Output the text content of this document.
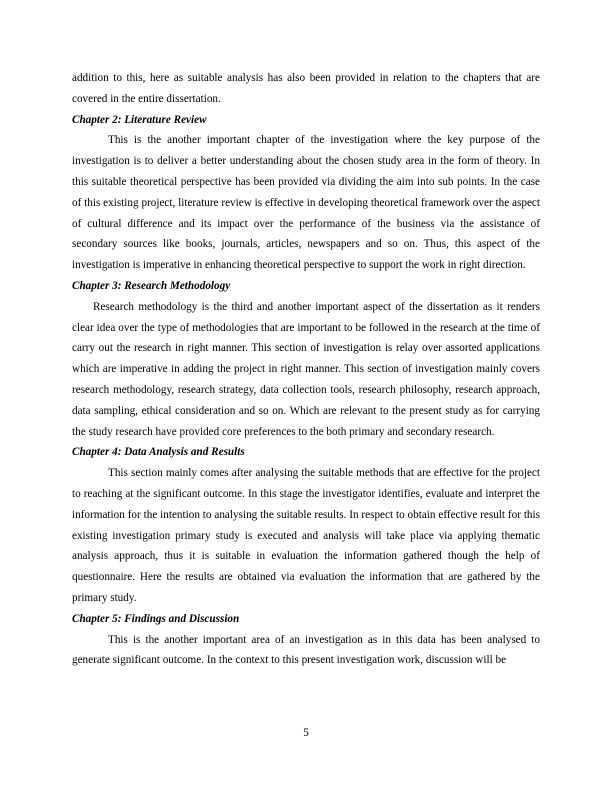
addition to this, here as suitable analysis has also been provided in relation to the chapters that are covered in the entire dissertation.

Chapter 2: Literature Review

This is the another important chapter of the investigation where the key purpose of the investigation is to deliver a better understanding about the chosen study area in the form of theory. In this suitable theoretical perspective has been provided via dividing the aim into sub points. In the case of this existing project, literature review is effective in developing theoretical framework over the aspect of cultural difference and its impact over the performance of the business via the assistance of secondary sources like books, journals, articles, newspapers and so on. Thus, this aspect of the investigation is imperative in enhancing theoretical perspective to support the work in right direction.

Chapter 3: Research Methodology

Research methodology is the third and another important aspect of the dissertation as it renders clear idea over the type of methodologies that are important to be followed in the research at the time of carry out the research in right manner. This section of investigation is relay over assorted applications which are imperative in adding the project in right manner. This section of investigation mainly covers research methodology, research strategy, data collection tools, research philosophy, research approach, data sampling, ethical consideration and so on. Which are relevant to the present study as for carrying the study research have provided core preferences to the both primary and secondary research.

Chapter 4: Data Analysis and Results

This section mainly comes after analysing the suitable methods that are effective for the project to reaching at the significant outcome. In this stage the investigator identifies, evaluate and interpret the information for the intention to analysing the suitable results. In respect to obtain effective result for this existing investigation primary study is executed and analysis will take place via applying thematic analysis approach, thus it is suitable in evaluation the information gathered though the help of questionnaire. Here the results are obtained via evaluation the information that are gathered by the primary study.

Chapter 5: Findings and Discussion

This is the another important area of an investigation as in this data has been analysed to generate significant outcome. In the context to this present investigation work, discussion will be

5
